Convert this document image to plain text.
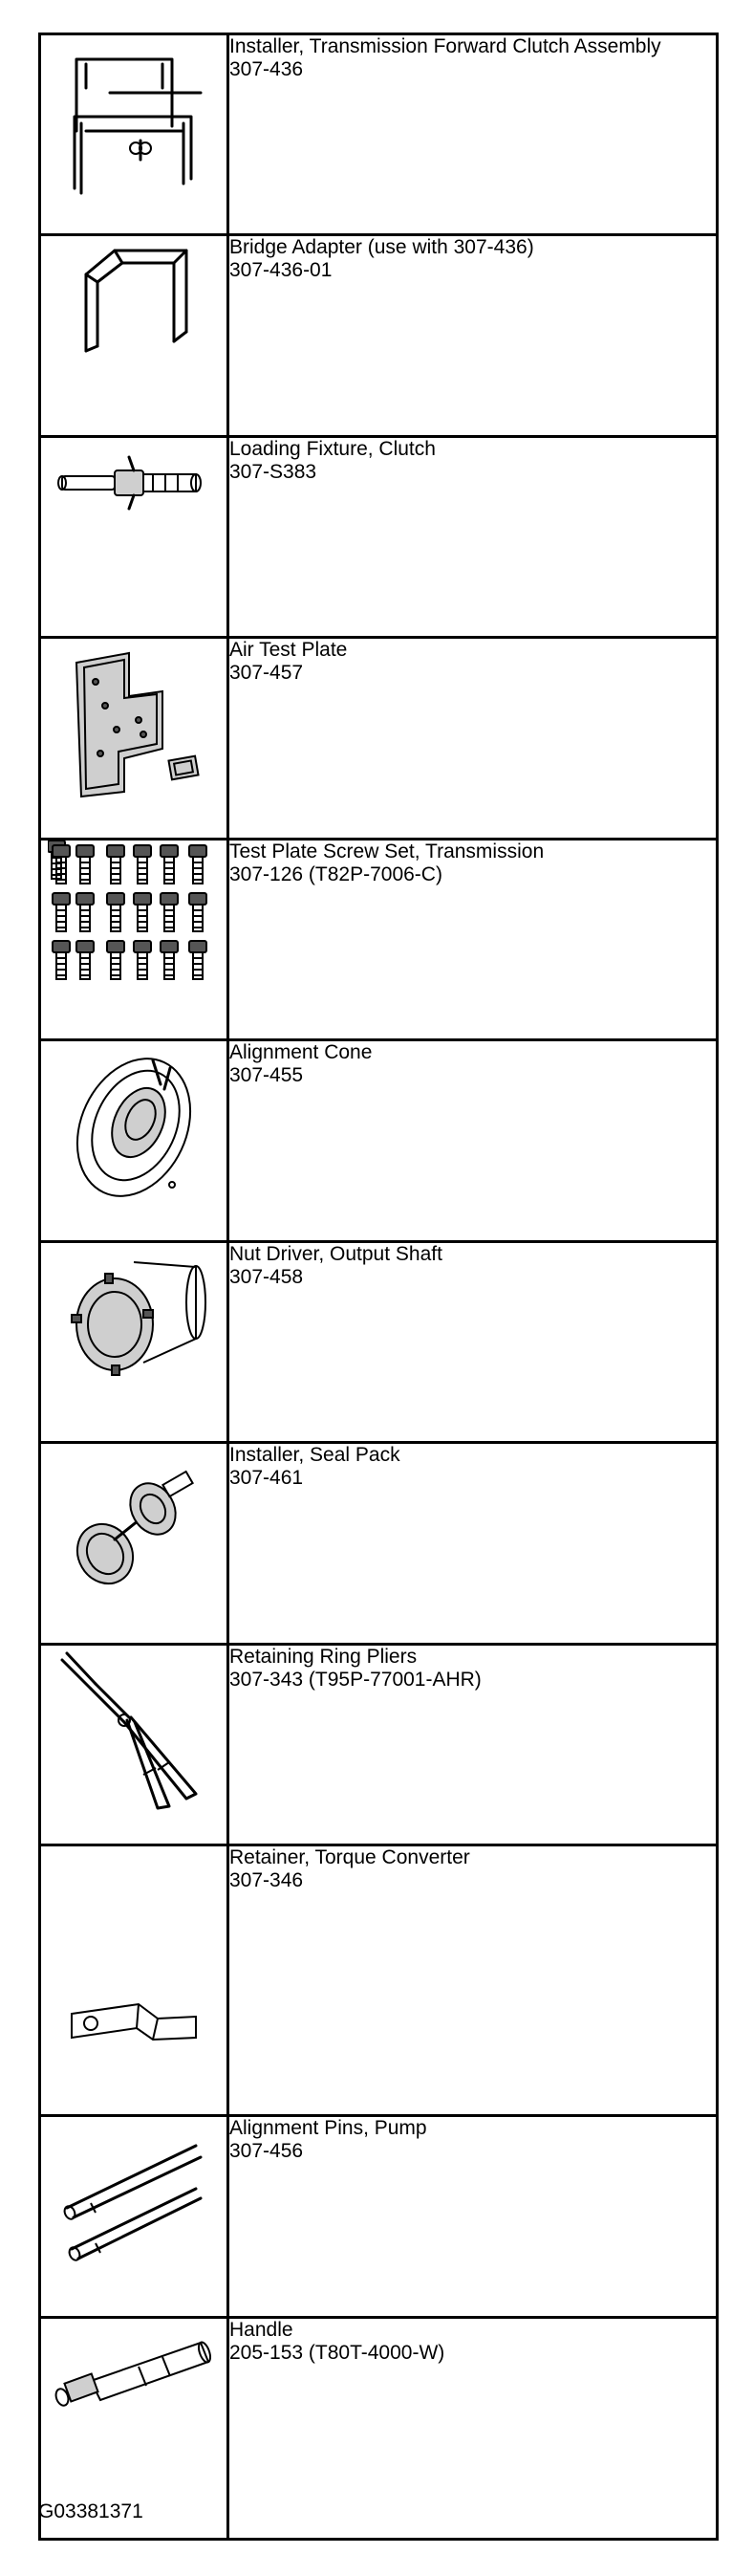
Installer, Transmission Forward Clutch Assembly
307-436

Bridge Adapter (use with 307-436)
307-436-01

Loading Fixture, Clutch
307-S383

Air Test Plate
307-457

Test Plate Screw Set, Transmission
307-126 (T82P-7006-C)

Alignment Cone
307-455

Nut Driver, Output Shaft
307-458

Installer, Seal Pack
307-461

Retaining Ring Pliers
307-343 (T95P-77001-AHR)

Retainer, Torque Converter
307-346

Alignment Pins, Pump
307-456

Handle
205-153 (T80T-4000-W)
G03381371
